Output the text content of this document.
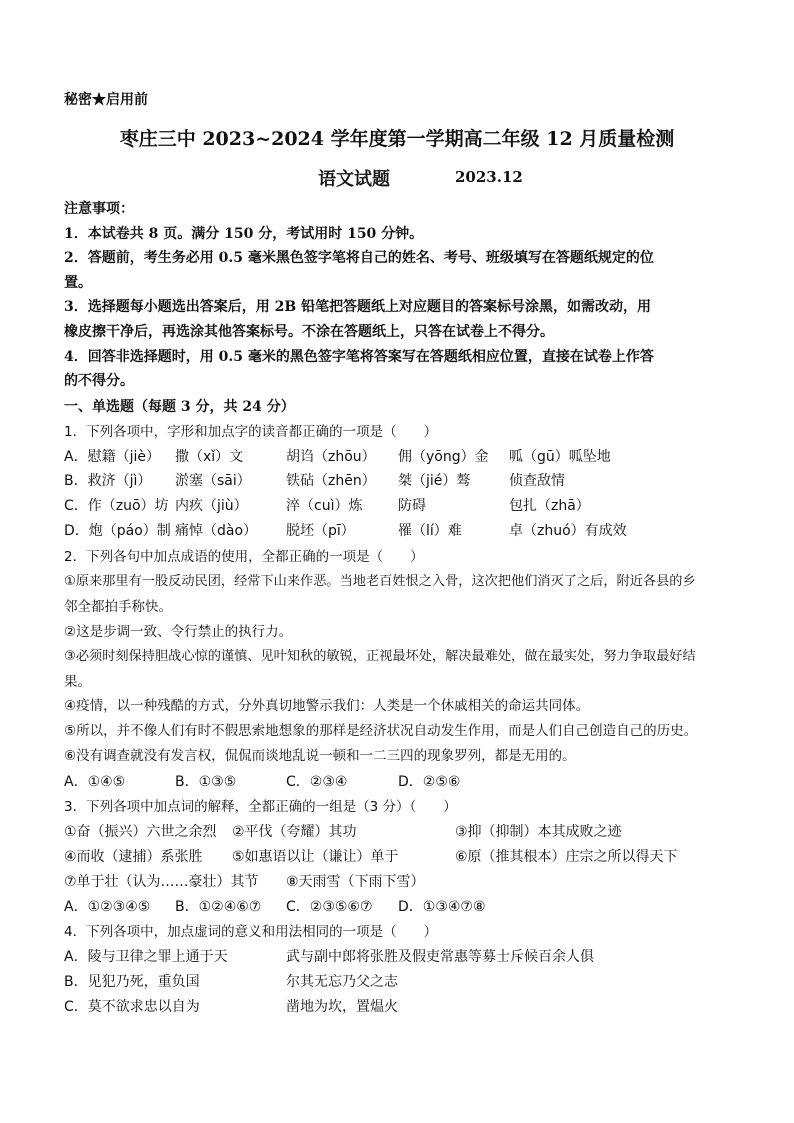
秘密★启用前
枣庄三中 2023~2024 学年度第一学期高二年级 12 月质量检测
语文试题	2023.12
注意事项：
1．本试卷共 8 页。满分 150 分，考试用时 150 分钟。
2．答题前，考生务必用 0.5 毫米黑色签字笔将自己的姓名、考号、班级填写在答题纸规定的位
置。
3．选择题每小题选出答案后，用 2B 铅笔把答题纸上对应题目的答案标号涂黑，如需改动，用
橡皮擦干净后，再选涂其他答案标号。不涂在答题纸上，只答在试卷上不得分。
4．回答非选择题时，用 0.5 毫米的黑色签字笔将答案写在答题纸相应位置，直接在试卷上作答
的不得分。
一、单选题（每题 3 分，共 24 分）
1．下列各项中，字形和加点字的读音都正确的一项是（　　）
A．慰籍（jiè） 撒（xǐ）文	胡诌（zhōu） 佣（yōng）金 呱（gū）呱坠地
B．救济（jì） 淤塞（sāi）	铁砧（zhēn） 桀（jié）骜	侦查敌情
C．作（zuō）坊 内疚（jiù）	淬（cuì）炼	防碍	包扎（zhā）
D．炮（páo）制 痛悼（dào） 脱坯（pī）	罹（lí）难	卓（zhuó）有成效
2．下列各句中加点成语的使用，全都正确的一项是（　　）
①原来那里有一股反动民团，经常下山来作恶。当地老百姓恨之入骨，这次把他们消灭了之后，附近各县的乡
邻全都拍手称快。
②这是步调一致、令行禁止的执行力。
③必须时刻保持胆战心惊的谨慎、见叶知秋的敏锐，正视最坏处，解决最难处，做在最实处，努力争取最好结
果。
④疫情，以一种残酷的方式，分外真切地警示我们：人类是一个休戚相关的命运共同体。
⑤所以，并不像人们有时不假思索地想象的那样是经济状况自动发生作用，而是人们自己创造自己的历史。
⑥没有调查就没有发言权，侃侃而谈地乱说一顿和一二三四的现象罗列，都是无用的。
A．①④⑤	B．①③⑤	C．②③④	D．②⑤⑥
3．下列各项中加点词的解释，全都正确的一组是（3 分）（　　）
①奋（振兴）六世之余烈 ②平伐（夸耀）其功	③抑（抑制）本其成败之迹
④而收（逮捕）系张胜 ⑤如惠语以让（谦让）单于	⑥原（推其根本）庄宗之所以得天下
⑦单于壮（认为……豪壮）其节 ⑧天雨雪（下雨下雪）
A．①②③④⑤ B．①②④⑥⑦ C．②③⑤⑥⑦ D．①③④⑦⑧
4．下列各项中，加点虚词的意义和用法相同的一项是（　　）
A．陵与卫律之罪上通于天	武与副中郎将张胜及假吏常惠等募士斥候百余人俱
B．见犯乃死，重负国	尔其无忘乃父之志
C．莫不欲求忠以自为	凿地为坎，置煴火
